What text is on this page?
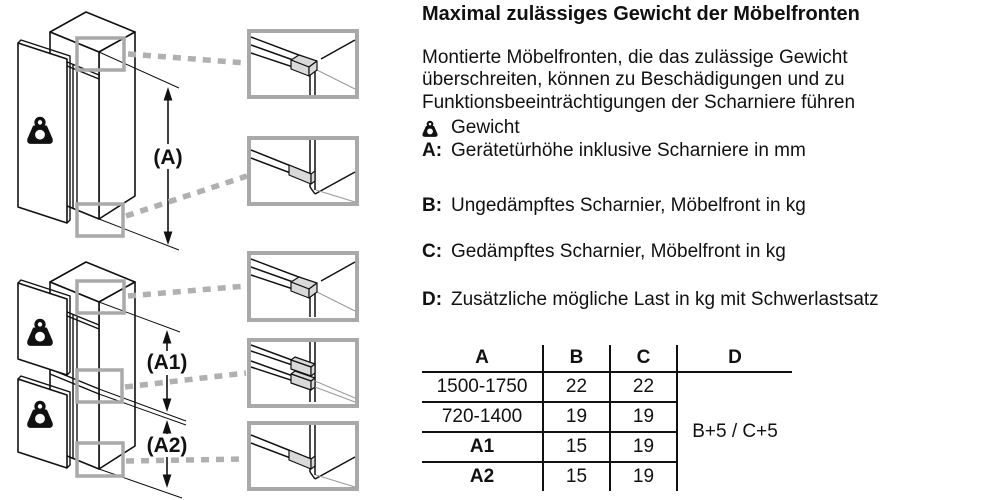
(A)
(A1)
(A2)
Maximal zulässiges Gewicht der Möbelfronten

Montierte Möbelfronten, die das zulässige Gewicht überschreiten, können zu Beschädigungen und zu Funktionsbeeinträchtigungen der Scharniere führen

Gewicht
A: Gerätetürhöhe inklusive Scharniere in mm
B: Ungedämpftes Scharnier, Möbelfront in kg
C: Gedämpftes Scharnier, Möbelfront in kg
D: Zusätzliche mögliche Last in kg mit Schwerlastsatz
A	B	C	D
1500-1750	22	22	B+5 / C+5
720-1400	19	19	
A1	15	19	
A2	15	19	
